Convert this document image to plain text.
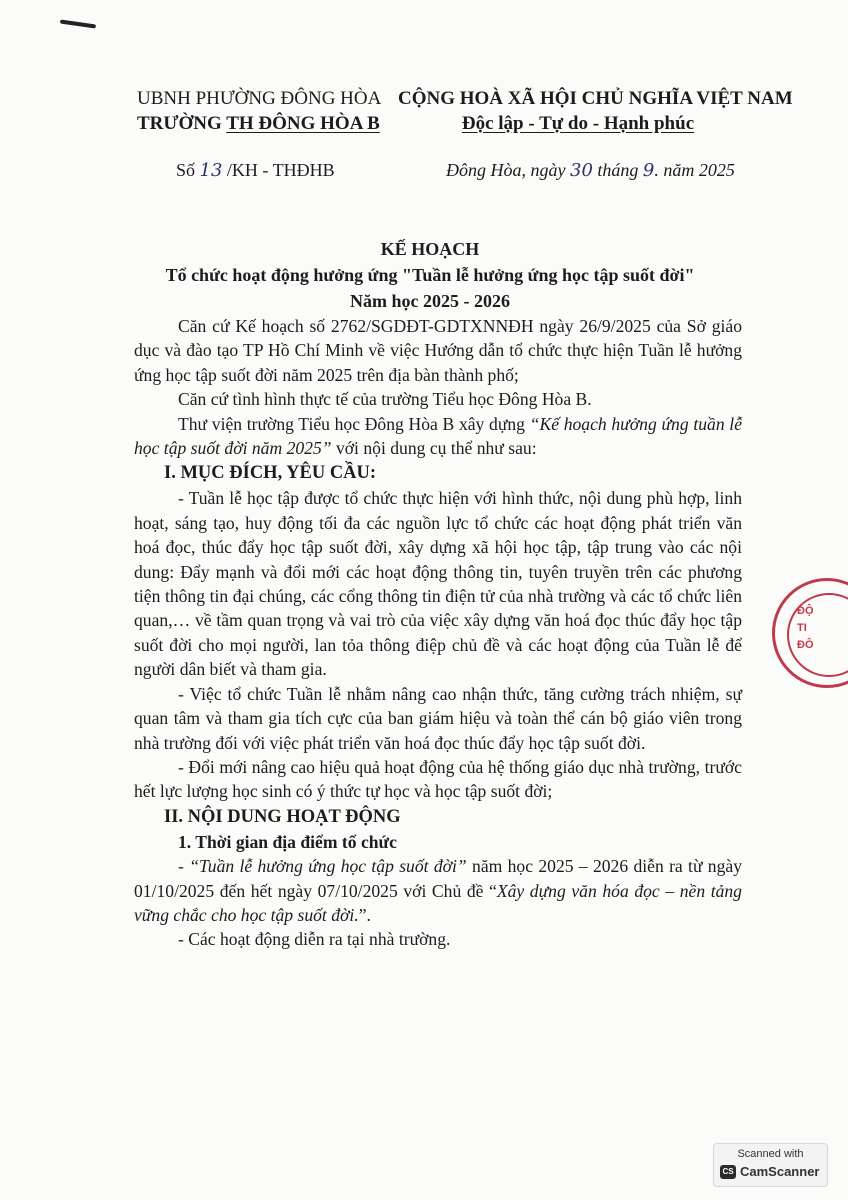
UBNH PHƯỜNG ĐÔNG HÒA
TRƯỜNG TH ĐÔNG HÒA B
CỘNG HOÀ XÃ HỘI CHỦ NGHĨA VIỆT NAM
Độc lập - Tự do - Hạnh phúc
Số 13 /KH - THĐHB	Đông Hòa, ngày 30 tháng 9. năm 2025
KẾ HOẠCH
Tổ chức hoạt động hưởng ứng "Tuần lễ hưởng ứng học tập suốt đời"
Năm học 2025 - 2026

Căn cứ Kế hoạch số 2762/SGDĐT-GDTXNNĐH ngày 26/9/2025 của Sở giáo dục và đào tạo TP Hồ Chí Minh về việc Hướng dẫn tổ chức thực hiện Tuần lễ hưởng ứng học tập suốt đời năm 2025 trên địa bàn thành phố;

Căn cứ tình hình thực tế của trường Tiểu học Đông Hòa B.

Thư viện trường Tiểu học Đông Hòa B xây dựng “Kế hoạch hưởng ứng tuần lễ học tập suốt đời năm 2025” với nội dung cụ thể như sau:

I. MỤC ĐÍCH, YÊU CẦU:

- Tuần lễ học tập được tổ chức thực hiện với hình thức, nội dung phù hợp, linh hoạt, sáng tạo, huy động tối đa các nguồn lực tổ chức các hoạt động phát triển văn hoá đọc, thúc đẩy học tập suốt đời, xây dựng xã hội học tập, tập trung vào các nội dung: Đẩy mạnh và đổi mới các hoạt động thông tin, tuyên truyền trên các phương tiện thông tin đại chúng, các cổng thông tin điện tử của nhà trường và các tổ chức liên quan,… về tầm quan trọng và vai trò của việc xây dựng văn hoá đọc thúc đẩy học tập suốt đời cho mọi người, lan tỏa thông điệp chủ đề và các hoạt động của Tuần lễ để người dân biết và tham gia.

- Việc tổ chức Tuần lễ nhằm nâng cao nhận thức, tăng cường trách nhiệm, sự quan tâm và tham gia tích cực của ban giám hiệu và toàn thể cán bộ giáo viên trong nhà trường đối với việc phát triển văn hoá đọc thúc đẩy học tập suốt đời.

- Đổi mới nâng cao hiệu quả hoạt động của hệ thống giáo dục nhà trường, trước hết lực lượng học sinh có ý thức tự học và học tập suốt đời;

II. NỘI DUNG HOẠT ĐỘNG
1. Thời gian địa điểm tổ chức

- “Tuần lễ hưởng ứng học tập suốt đời” năm học 2025 – 2026 diễn ra từ ngày 01/10/2025 đến hết ngày 07/10/2025 với Chủ đề “Xây dựng văn hóa đọc – nền tảng vững chắc cho học tập suốt đời.”.

- Các hoạt động diễn ra tại nhà trường.

ĐỘ
TI
ĐÔ
Scanned with
CS CamScanner
